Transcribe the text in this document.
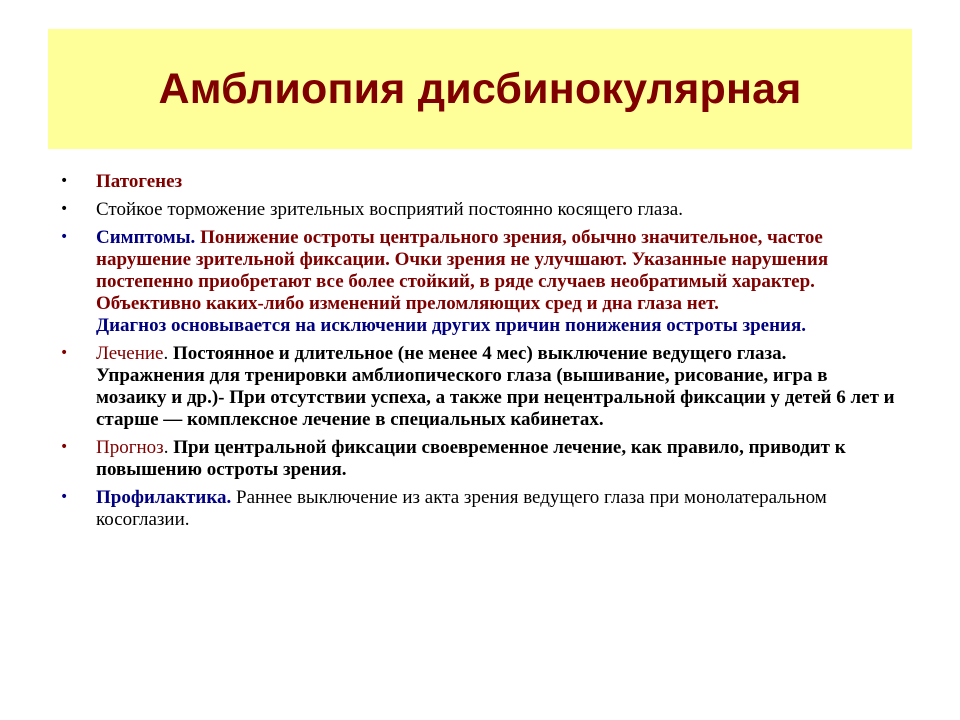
Амблиопия дисбинокулярная
• Патогенез
• Стойкое торможение зрительных восприятий постоянно косящего глаза.
• Симптомы. Понижение остроты центрального зрения, обычно значительное, частое нарушение зрительной фиксации. Очки зрения не улучшают. Указанные нарушения постепенно приобретают все более стойкий, в ряде случаев необратимый характер. Объективно каких-либо изменений преломляющих сред и дна глаза нет.
Диагноз основывается на исключении других причин понижения остроты зрения.
• Лечение. Постоянное и длительное (не менее 4 мес) выключение ведущего глаза. Упражнения для тренировки амблиопического глаза (вышивание, рисование, игра в мозаику и др.)- При отсутствии успеха, а также при нецентральной фиксации у детей 6 лет и старше — комплексное лечение в специальных кабинетах.
• Прогноз. При центральной фиксации своевременное лечение, как правило, приводит к повышению остроты зрения.
• Профилактика. Раннее выключение из акта зрения ведущего глаза при монолатеральном косоглазии.
